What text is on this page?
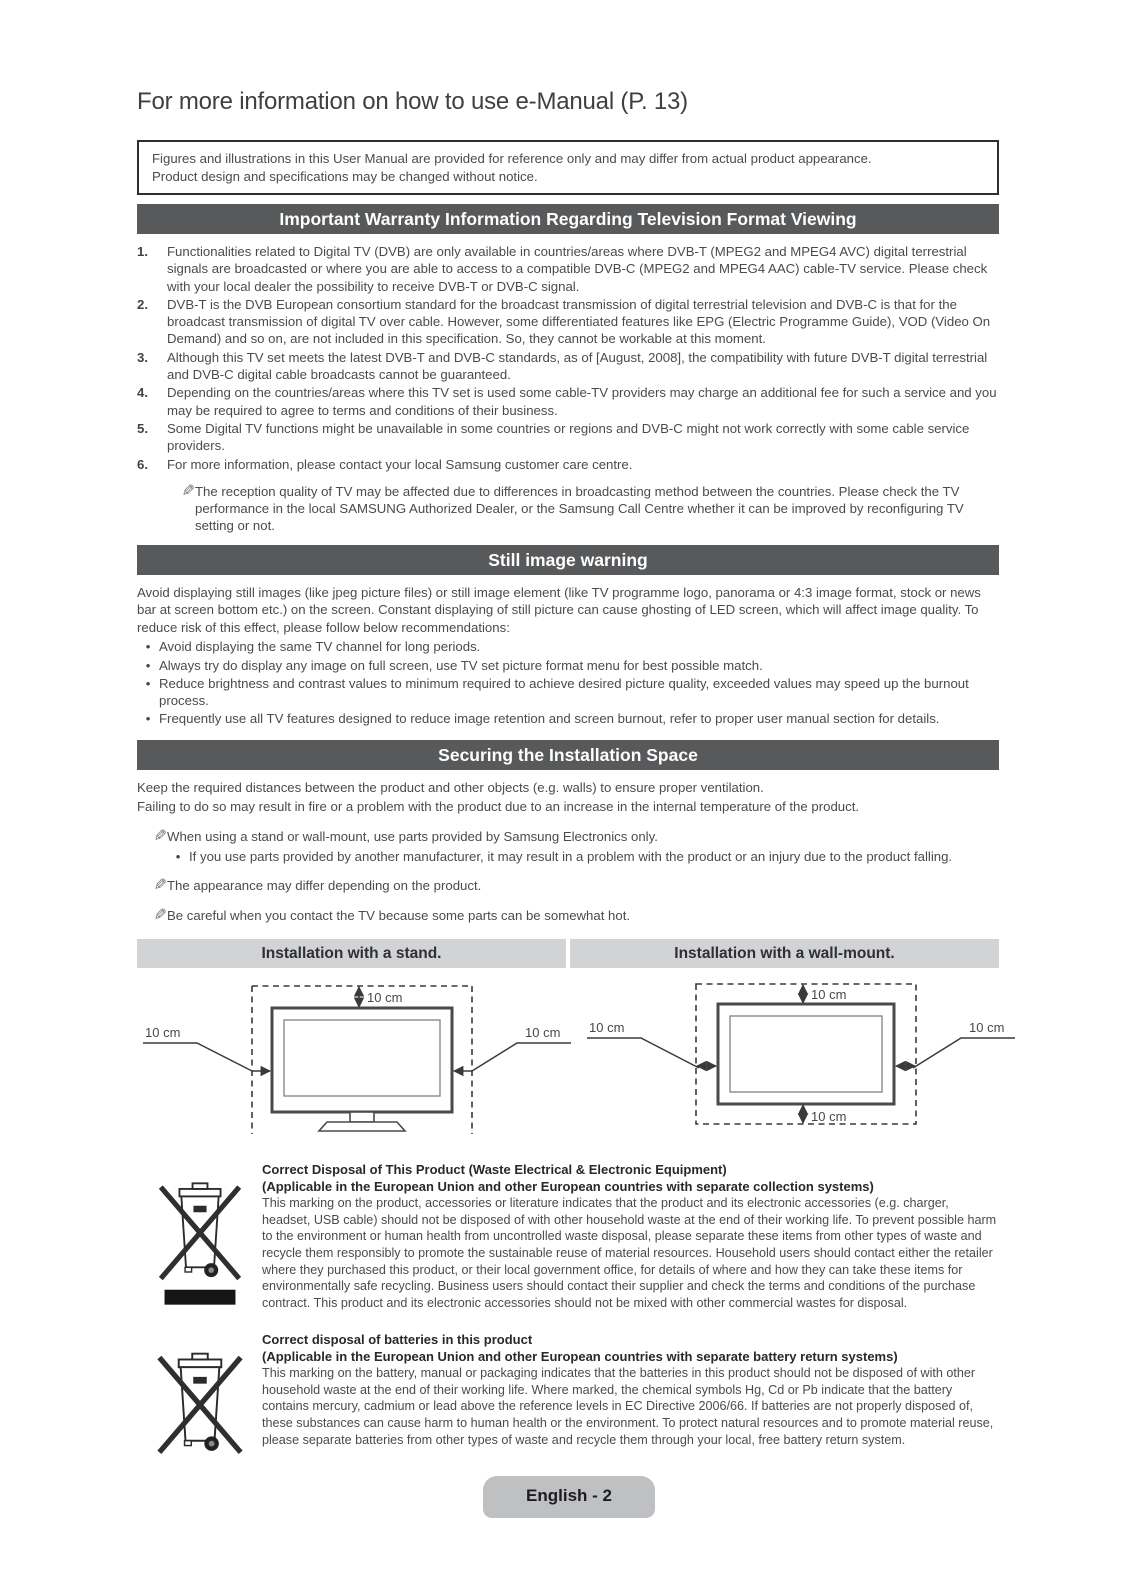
For more information on how to use e-Manual (P. 13)
Figures and illustrations in this User Manual are provided for reference only and may differ from actual product appearance.
Product design and specifications may be changed without notice.
Important Warranty Information Regarding Television Format Viewing
1.	Functionalities related to Digital TV (DVB) are only available in countries/areas where DVB-T (MPEG2 and MPEG4 AVC) digital terrestrial signals are broadcasted or where you are able to access to a compatible DVB-C (MPEG2 and MPEG4 AAC) cable-TV service. Please check with your local dealer the possibility to receive DVB-T or DVB-C signal.
2.	DVB-T is the DVB European consortium standard for the broadcast transmission of digital terrestrial television and DVB-C is that for the broadcast transmission of digital TV over cable. However, some differentiated features like EPG (Electric Programme Guide), VOD (Video On Demand) and so on, are not included in this specification. So, they cannot be workable at this moment.
3.	Although this TV set meets the latest DVB-T and DVB-C standards, as of [August, 2008], the compatibility with future DVB-T digital terrestrial and DVB-C digital cable broadcasts cannot be guaranteed.
4.	Depending on the countries/areas where this TV set is used some cable-TV providers may charge an additional fee for such a service and you may be required to agree to terms and conditions of their business.
5.	Some Digital TV functions might be unavailable in some countries or regions and DVB-C might not work correctly with some cable service providers.
6.	For more information, please contact your local Samsung customer care centre.
✎ The reception quality of TV may be affected due to differences in broadcasting method between the countries. Please check the TV performance in the local SAMSUNG Authorized Dealer, or the Samsung Call Centre whether it can be improved by reconfiguring TV setting or not.
Still image warning

Avoid displaying still images (like jpeg picture files) or still image element (like TV programme logo, panorama or 4:3 image format, stock or news bar at screen bottom etc.) on the screen. Constant displaying of still picture can cause ghosting of LED screen, which will affect image quality. To reduce risk of this effect, please follow below recommendations:

• Avoid displaying the same TV channel for long periods.
• Always try do display any image on full screen, use TV set picture format menu for best possible match.
• Reduce brightness and contrast values to minimum required to achieve desired picture quality, exceeded values may speed up the burnout process.
• Frequently use all TV features designed to reduce image retention and screen burnout, refer to proper user manual section for details.
Securing the Installation Space

Keep the required distances between the product and other objects (e.g. walls) to ensure proper ventilation.

Failing to do so may result in fire or a problem with the product due to an increase in the internal temperature of the product.

✎ When using a stand or wall-mount, use parts provided by Samsung Electronics only.
• If you use parts provided by another manufacturer, it may result in a problem with the product or an injury due to the product falling.
✎ The appearance may differ depending on the product.
✎ Be careful when you contact the TV because some parts can be somewhat hot.
Installation with a stand.	Installation with a wall-mount.
10 cm
10 cm	10 cm
10 cm
10 cm
10 cm	10 cm
Correct Disposal of This Product (Waste Electrical & Electronic Equipment)
(Applicable in the European Union and other European countries with separate collection systems)
This marking on the product, accessories or literature indicates that the product and its electronic accessories (e.g. charger, headset, USB cable) should not be disposed of with other household waste at the end of their working life. To prevent possible harm to the environment or human health from uncontrolled waste disposal, please separate these items from other types of waste and recycle them responsibly to promote the sustainable reuse of material resources. Household users should contact either the retailer where they purchased this product, or their local government office, for details of where and how they can take these items for environmentally safe recycling. Business users should contact their supplier and check the terms and conditions of the purchase contract. This product and its electronic accessories should not be mixed with other commercial wastes for disposal.
Correct disposal of batteries in this product
(Applicable in the European Union and other European countries with separate battery return systems)
This marking on the battery, manual or packaging indicates that the batteries in this product should not be disposed of with other household waste at the end of their working life. Where marked, the chemical symbols Hg, Cd or Pb indicate that the battery contains mercury, cadmium or lead above the reference levels in EC Directive 2006/66. If batteries are not properly disposed of, these substances can cause harm to human health or the environment. To protect natural resources and to promote material reuse, please separate batteries from other types of waste and recycle them through your local, free battery return system.
English - 2
